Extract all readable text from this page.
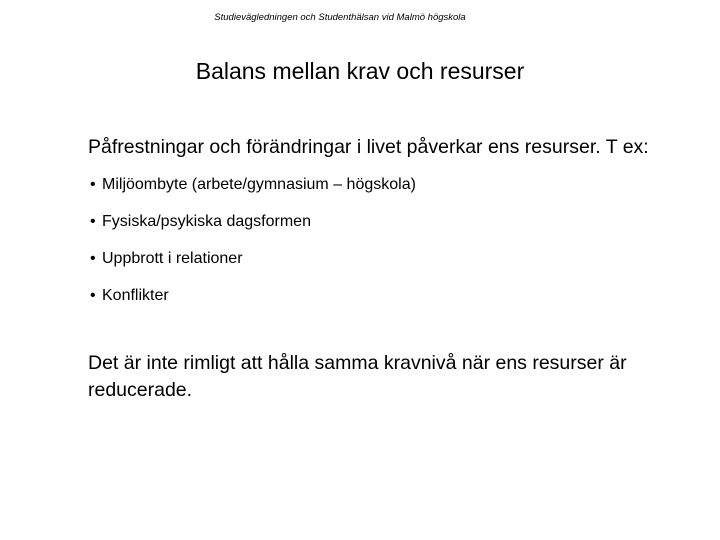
Studievägledningen och Studenthälsan vid Malmö högskola
Balans mellan krav och resurser

Påfrestningar och förändringar i livet påverkar ens resurser. T ex:

• Miljöombyte (arbete/gymnasium – högskola)
• Fysiska/psykiska dagsformen
• Uppbrott i relationer
• Konflikter

Det är inte rimligt att hålla samma kravnivå när ens resurser är reducerade.
